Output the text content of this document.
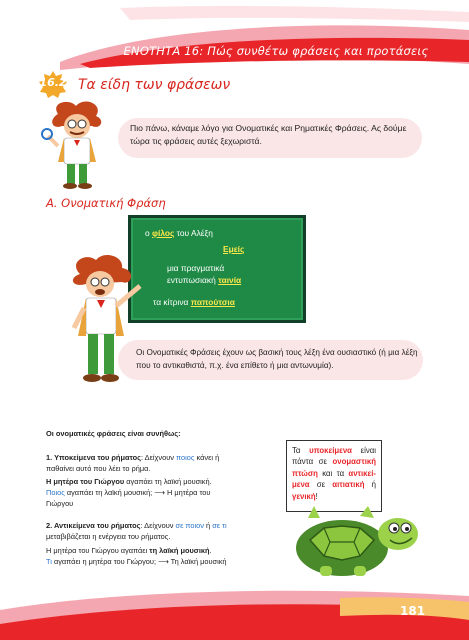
ΕΝΟΤΗΤΑ 16: Πώς συνθέτω φράσεις και προτάσεις
16.2 Τα είδη των φράσεων
Πιο πάνω, κάναμε λόγο για Ονοματικές και Ρηματικές Φράσεις. Ας δούμε τώρα τις φράσεις αυτές ξεχωριστά.
Α. Ονοματική Φράση
ο φίλος του Αλέξη
Εμείς
μια πραγματικά
εντυπωσιακή ταινία
τα κίτρινα παπούτσια
Οι Ονοματικές Φράσεις έχουν ως βασική τους λέξη ένα ουσιαστικό (ή μια λέξη που το αντικαθιστά, π.χ. ένα επίθετο ή μια αντωνυμία).
Οι ονοματικές φράσεις είναι συνήθως:
1. Υποκείμενα του ρήματος: Δείχνουν ποιος κάνει ή
παθαίνει αυτό που λέει το ρήμα.
Η μητέρα του Γιώργου αγαπάει τη λαϊκή μουσική.
Ποιος αγαπάει τη λαϊκή μουσική; ⟶ Η μητέρα του
Γιώργου
2. Αντικείμενα του ρήματος: Δείχνουν σε ποιον ή σε τι
μεταβιβάζεται η ενέργεια του ρήματος.
Η μητέρα του Γιώργου αγαπάει τη λαϊκή μουσική.
Τι αγαπάει η μητέρα του Γιώργου; ⟶ Τη λαϊκή μουσική
Τα υποκείμενα είναι πάντα σε ονομαστική πτώση και τα αντικεί-μενα σε αιτιατική ή γενική!
181
